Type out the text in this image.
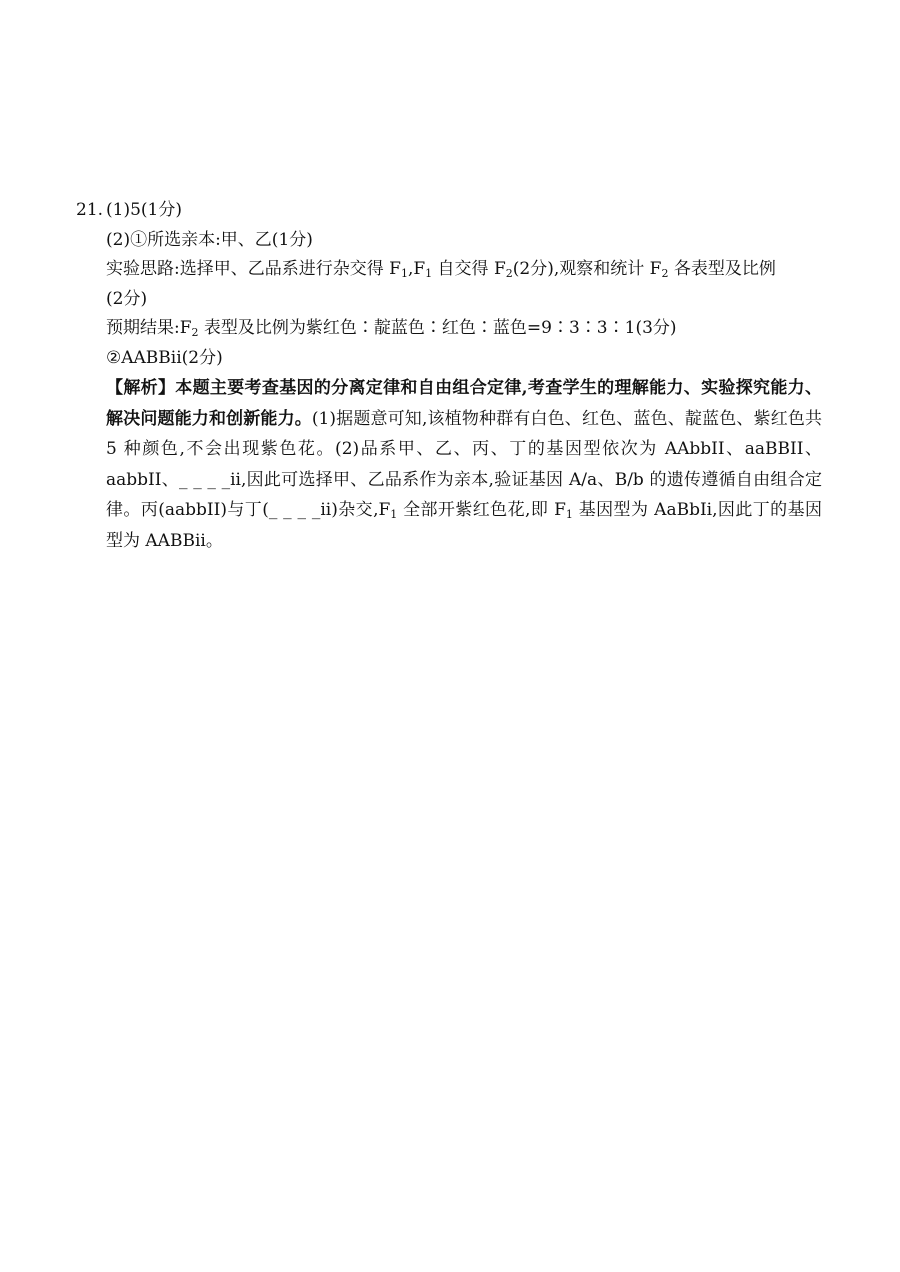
21. (1)5(1分)
(2)①所选亲本:甲、乙(1分)
实验思路:选择甲、乙品系进行杂交得 $F_1,F_1$ 自交得 $F_2(2$分),观察和统计 $F_2$ 各表型及比例
(2分)
预期结果$:F_2$ 表型及比例为紫红色∶靛蓝色∶红色∶蓝色=9∶3∶3∶1(3分)
②AABBii(2分)
【解析】本题主要考查基因的分离定律和自由组合定律,考查学生的理解能力、实验探究能力、解决问题能力和创新能力。(1)据题意可知,该植物种群有白色、红色、蓝色、靛蓝色、紫红色共 5 种颜色,不会出现紫色花。(2)品系甲、乙、丙、丁的基因型依次为 AAbbII、aaBBII、aabbII、_ _ _ _ii,因此可选择甲、乙品系作为亲本,验证基因 A/a、B/b 的遗传遵循自由组合定律。丙(aabbII)与丁(_ _ _ _ii)杂交$,F_1$ 全部开紫红色花,即 $F_1$ 基因型为 AaBbIi,因此丁的基因型为 AABBii。
